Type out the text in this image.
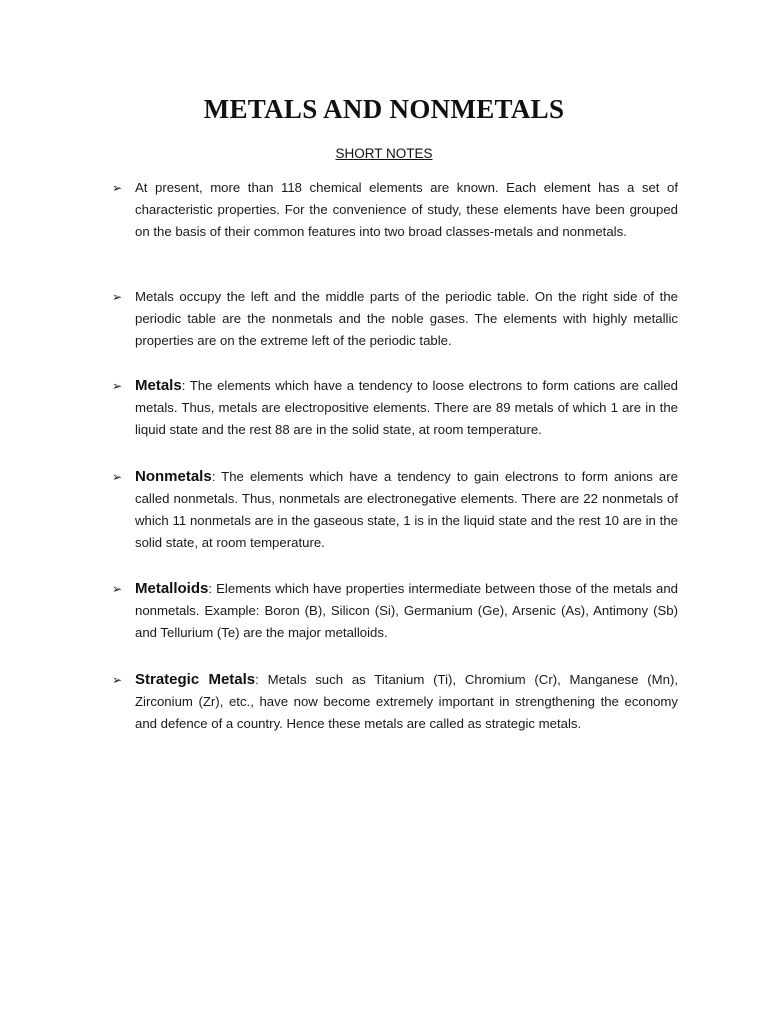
METALS AND NONMETALS
SHORT NOTES
➢ At present, more than 118 chemical elements are known. Each element has a set of characteristic properties. For the convenience of study, these elements have been grouped on the basis of their common features into two broad classes-metals and nonmetals.

➢ Metals occupy the left and the middle parts of the periodic table. On the right side of the periodic table are the nonmetals and the noble gases. The elements with highly metallic properties are on the extreme left of the periodic table.

➢ Metals: The elements which have a tendency to loose electrons to form cations are called metals. Thus, metals are electropositive elements. There are 89 metals of which 1 are in the liquid state and the rest 88 are in the solid state, at room temperature.

➢ Nonmetals: The elements which have a tendency to gain electrons to form anions are called nonmetals. Thus, nonmetals are electronegative elements. There are 22 nonmetals of which 11 nonmetals are in the gaseous state, 1 is in the liquid state and the rest 10 are in the solid state, at room temperature.

➢ Metalloids: Elements which have properties intermediate between those of the metals and nonmetals. Example: Boron (B), Silicon (Si), Germanium (Ge), Arsenic (As), Antimony (Sb) and Tellurium (Te) are the major metalloids.

➢ Strategic Metals: Metals such as Titanium (Ti), Chromium (Cr), Manganese (Mn), Zirconium (Zr), etc., have now become extremely important in strengthening the economy and defence of a country. Hence these metals are called as strategic metals.
